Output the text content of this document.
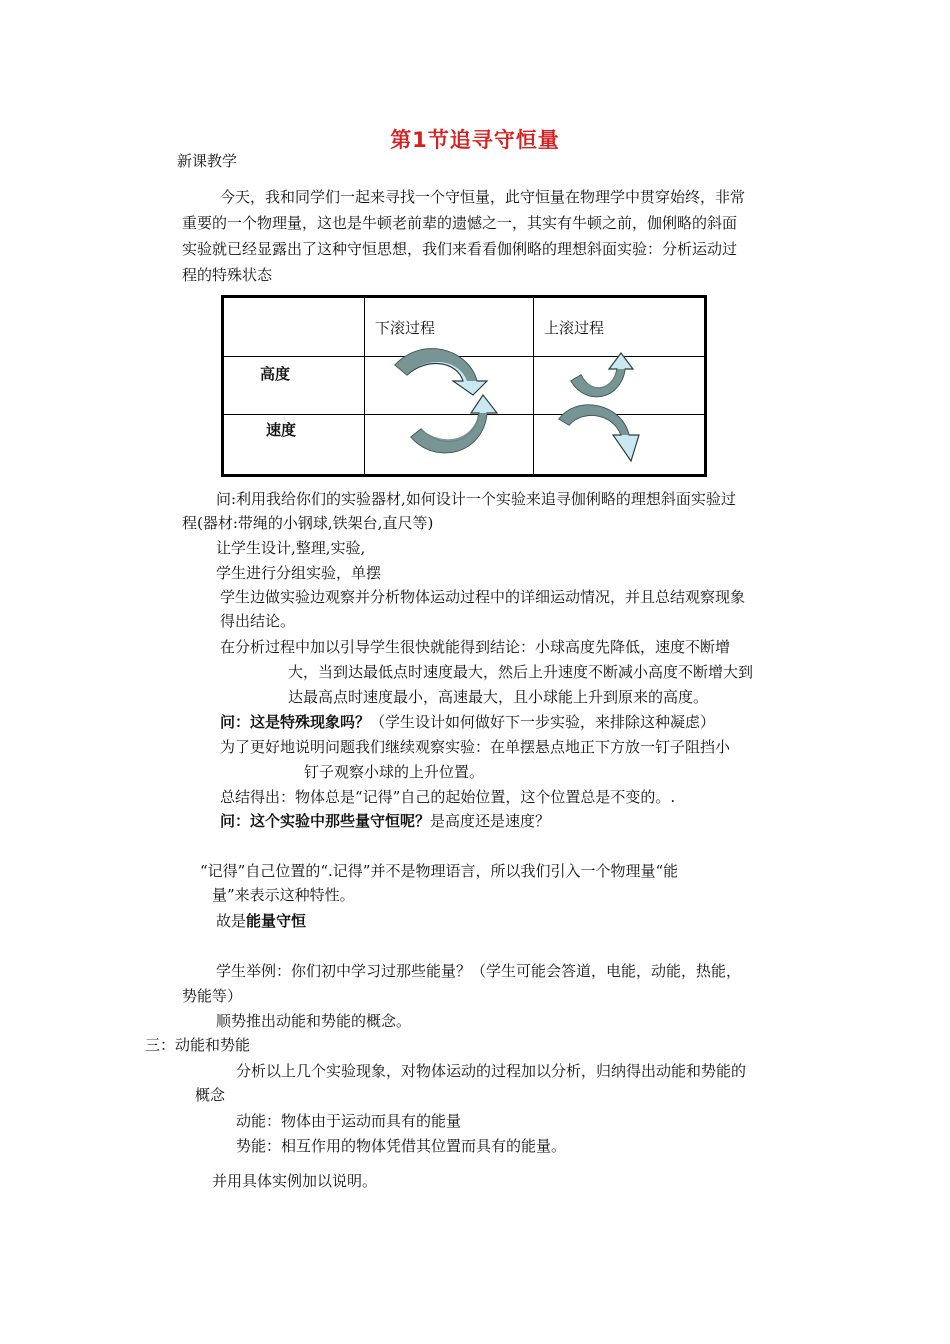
第1节追寻守恒量
新课教学
今天，我和同学们一起来寻找一个守恒量，此守恒量在物理学中贯穿始终，非常
重要的一个物理量，这也是牛顿老前辈的遗憾之一，其实有牛顿之前，伽俐略的斜面
实验就已经显露出了这种守恒思想，我们来看看伽俐略的理想斜面实验：分析运动过
程的特殊状态

	下滚过程	上滚过程

高度		

速度		

问:利用我给你们的实验器材,如何设计一个实验来追寻伽俐略的理想斜面实验过
程(器材:带绳的小钢球,铁架台,直尺等)
让学生设计,整理,实验,
学生进行分组实验，单摆
学生边做实验边观察并分析物体运动过程中的详细运动情况，并且总结观察现象
得出结论。
在分析过程中加以引导学生很快就能得到结论：小球高度先降低，速度不断增
大，当到达最低点时速度最大，然后上升速度不断减小高度不断增大到
达最高点时速度最小，高速最大，且小球能上升到原来的高度。
问：这是特殊现象吗？（学生设计如何做好下一步实验，来排除这种凝虑）
为了更好地说明问题我们继续观察实验：在单摆悬点地正下方放一钉子阻挡小
钉子观察小球的上升位置。
总结得出：物体总是“记得”自己的起始位置，这个位置总是不变的。.
问：这个实验中那些量守恒呢？是高度还是速度？
“记得”自己位置的“.记得”并不是物理语言，所以我们引入一个物理量“能
量”来表示这种特性。
故是能量守恒
学生举例：你们初中学习过那些能量？（学生可能会答道，电能，动能，热能，
势能等）
顺势推出动能和势能的概念。
三：动能和势能
分析以上几个实验现象，对物体运动的过程加以分析，归纳得出动能和势能的
概念
动能：物体由于运动而具有的能量
势能：相互作用的物体凭借其位置而具有的能量。
并用具体实例加以说明。
